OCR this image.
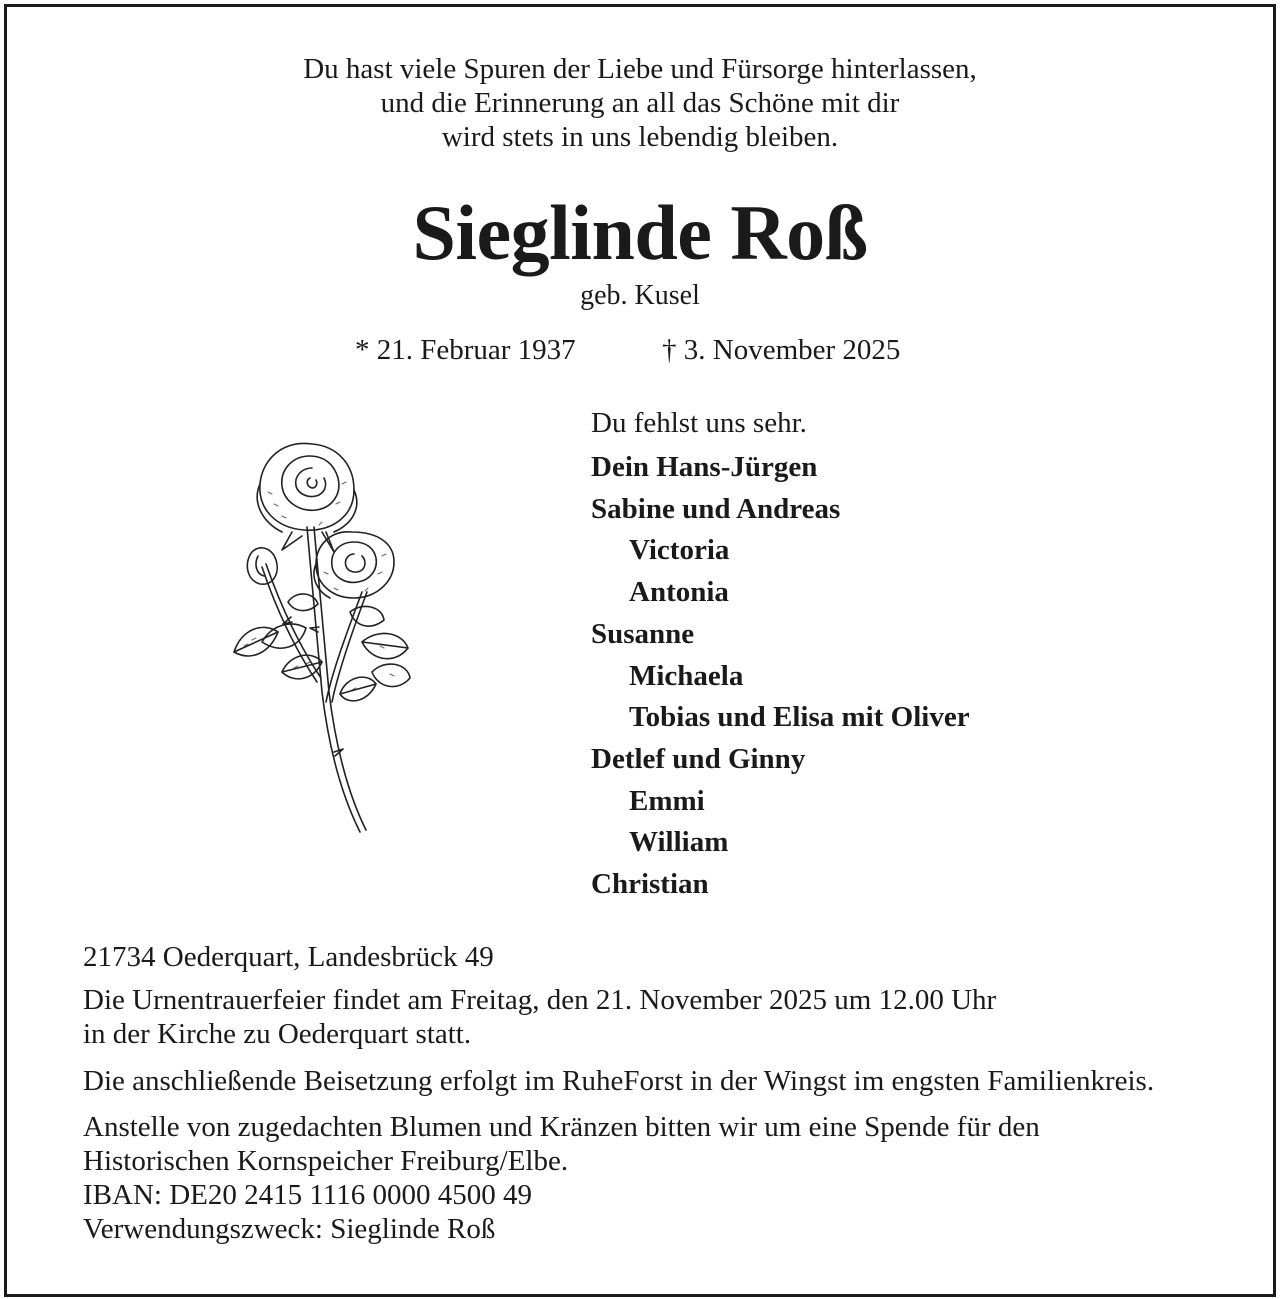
Du hast viele Spuren der Liebe und Fürsorge hinterlassen,
und die Erinnerung an all das Schöne mit dir
wird stets in uns lebendig bleiben.
Sieglinde Roß
geb. Kusel
* 21. Februar 1937	† 3. November 2025
Du fehlst uns sehr.
Dein Hans-Jürgen
Sabine und Andreas
Victoria
Antonia
Susanne
Michaela
Tobias und Elisa mit Oliver
Detlef und Ginny
Emmi
William
Christian
21734 Oederquart, Landesbrück 49
Die Urnentrauerfeier findet am Freitag, den 21. November 2025 um 12.00 Uhr
in der Kirche zu Oederquart statt.
Die anschließende Beisetzung erfolgt im RuheForst in der Wingst im engsten Familienkreis.
Anstelle von zugedachten Blumen und Kränzen bitten wir um eine Spende für den
Historischen Kornspeicher Freiburg/Elbe.
IBAN: DE20 2415 1116 0000 4500 49
Verwendungszweck: Sieglinde Roß
